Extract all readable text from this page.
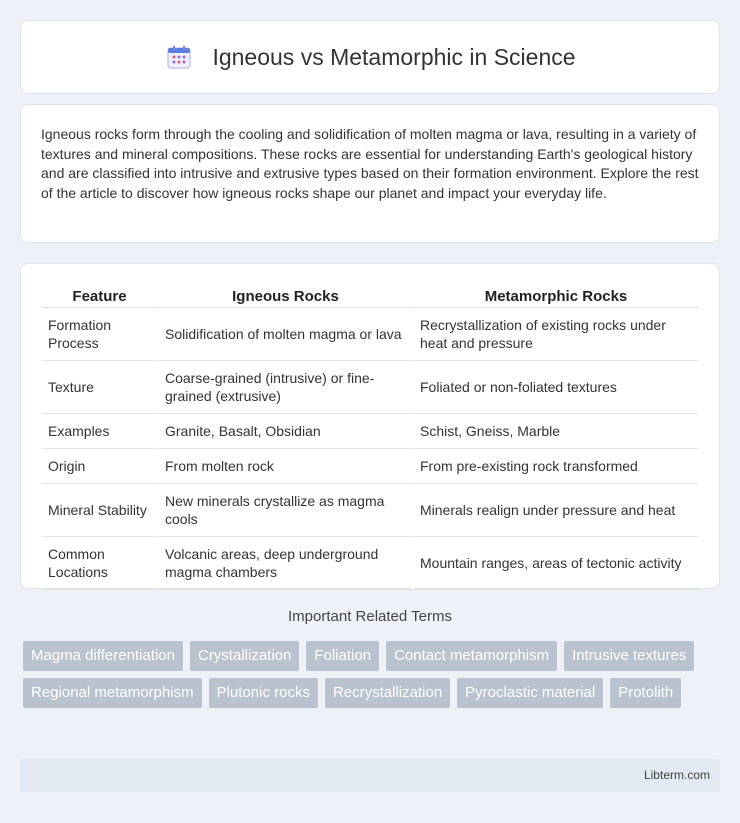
Igneous vs Metamorphic in Science

Igneous rocks form through the cooling and solidification of molten magma or lava, resulting in a variety of textures and mineral compositions. These rocks are essential for understanding Earth's geological history and are classified into intrusive and extrusive types based on their formation environment. Explore the rest of the article to discover how igneous rocks shape our planet and impact your everyday life.

Feature	Igneous Rocks	Metamorphic Rocks
Formation Process	Solidification of molten magma or lava	Recrystallization of existing rocks under heat and pressure
Texture	Coarse-grained (intrusive) or fine-grained (extrusive)	Foliated or non-foliated textures
Examples	Granite, Basalt, Obsidian	Schist, Gneiss, Marble
Origin	From molten rock	From pre-existing rock transformed
Mineral Stability	New minerals crystallize as magma cools	Minerals realign under pressure and heat
Common Locations	Volcanic areas, deep underground magma chambers	Mountain ranges, areas of tectonic activity
Important Related Terms
Magma differentiation	Crystallization	Foliation	Contact metamorphism	Intrusive textures
Regional metamorphism	Plutonic rocks	Recrystallization	Pyroclastic material	Protolith
Libterm.com
